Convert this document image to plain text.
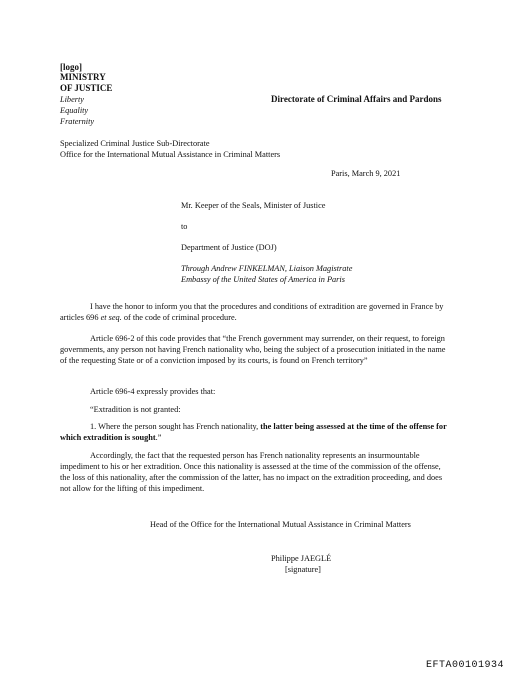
[logo]
MINISTRY
OF JUSTICE
Liberty
Equality
Fraternity
Directorate of Criminal Affairs and Pardons
Specialized Criminal Justice Sub-Directorate
Office for the International Mutual Assistance in Criminal Matters
Paris, March 9, 2021
Mr. Keeper of the Seals, Minister of Justice
to
Department of Justice (DOJ)
Through Andrew FINKELMAN, Liaison Magistrate
Embassy of the United States of America in Paris
I have the honor to inform you that the procedures and conditions of extradition are governed in France by articles 696 et seq. of the code of criminal procedure.
Article 696-2 of this code provides that “the French government may surrender, on their request, to foreign governments, any person not having French nationality who, being the subject of a prosecution initiated in the name of the requesting State or of a conviction imposed by its courts, is found on French territory”
Article 696-4 expressly provides that:
“Extradition is not granted:
1. Where the person sought has French nationality, the latter being assessed at the time of the offense for which extradition is sought.”
Accordingly, the fact that the requested person has French nationality represents an insurmountable impediment to his or her extradition. Once this nationality is assessed at the time of the commission of the offense, the loss of this nationality, after the commission of the latter, has no impact on the extradition proceeding, and does not allow for the lifting of this impediment.
Head of the Office for the International Mutual Assistance in Criminal Matters
Philippe JAEGLÉ
[signature]
EFTA00101934
